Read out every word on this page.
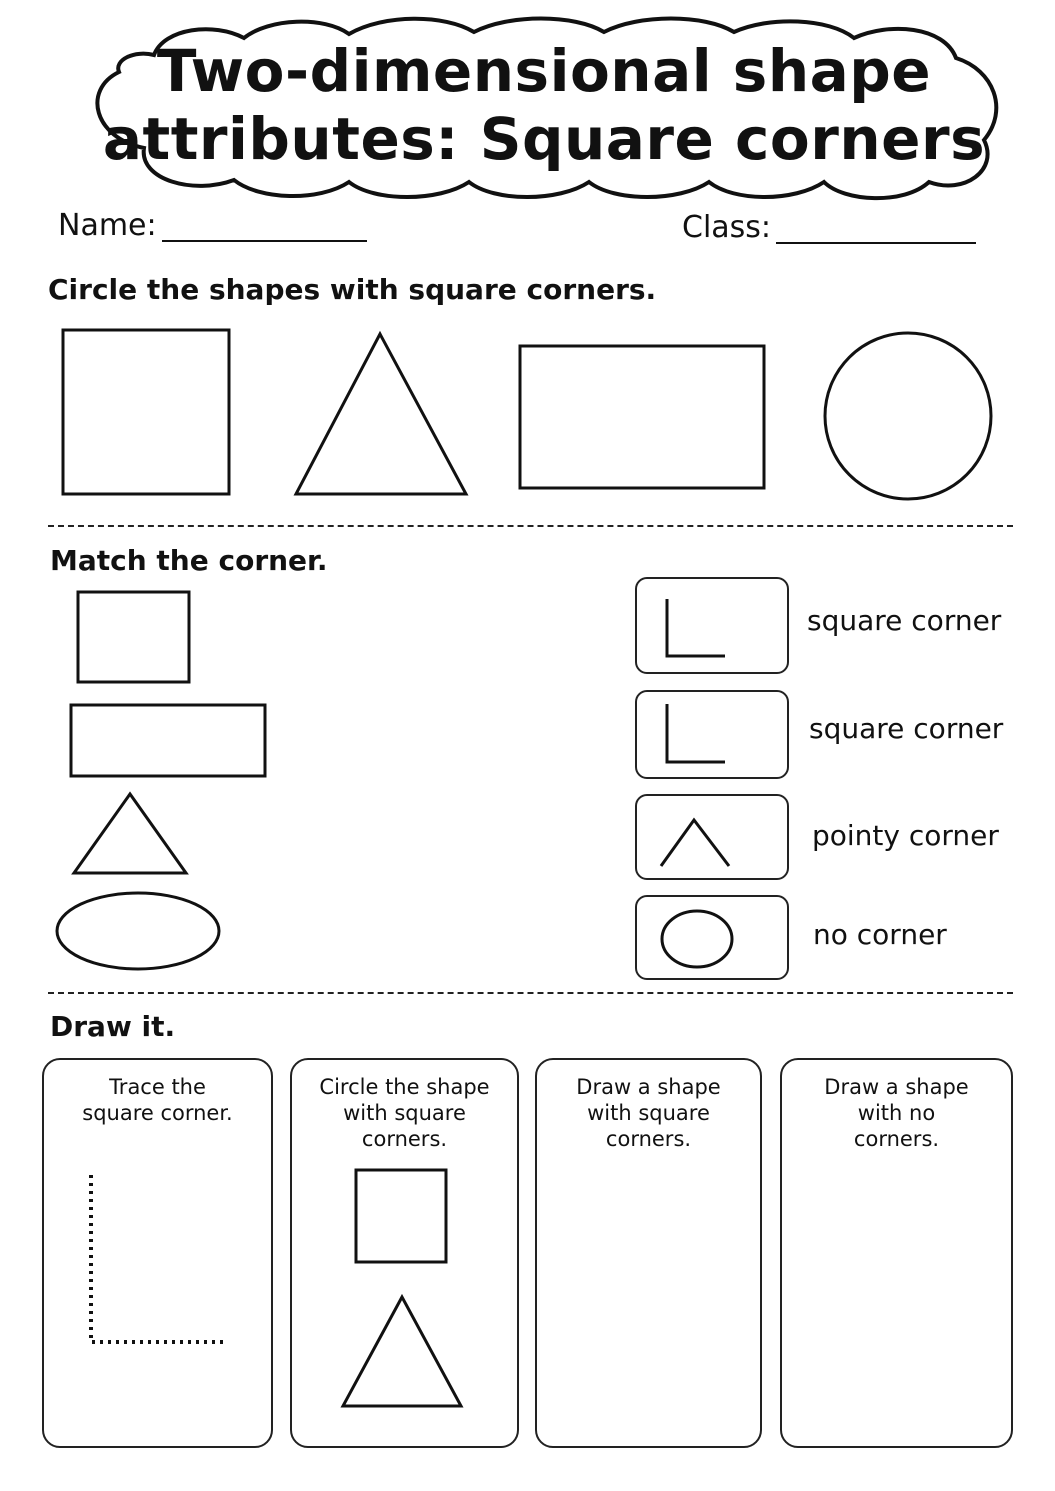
Two-dimensional shape
attributes: Square corners
Name:	Class:
Circle the shapes with square corners.
Match the corner.
square corner
square corner
pointy corner
no corner
Draw it.
Trace the
square corner.
Circle the shape
with square
corners.
Draw a shape
with square
corners.
Draw a shape
with no
corners.
